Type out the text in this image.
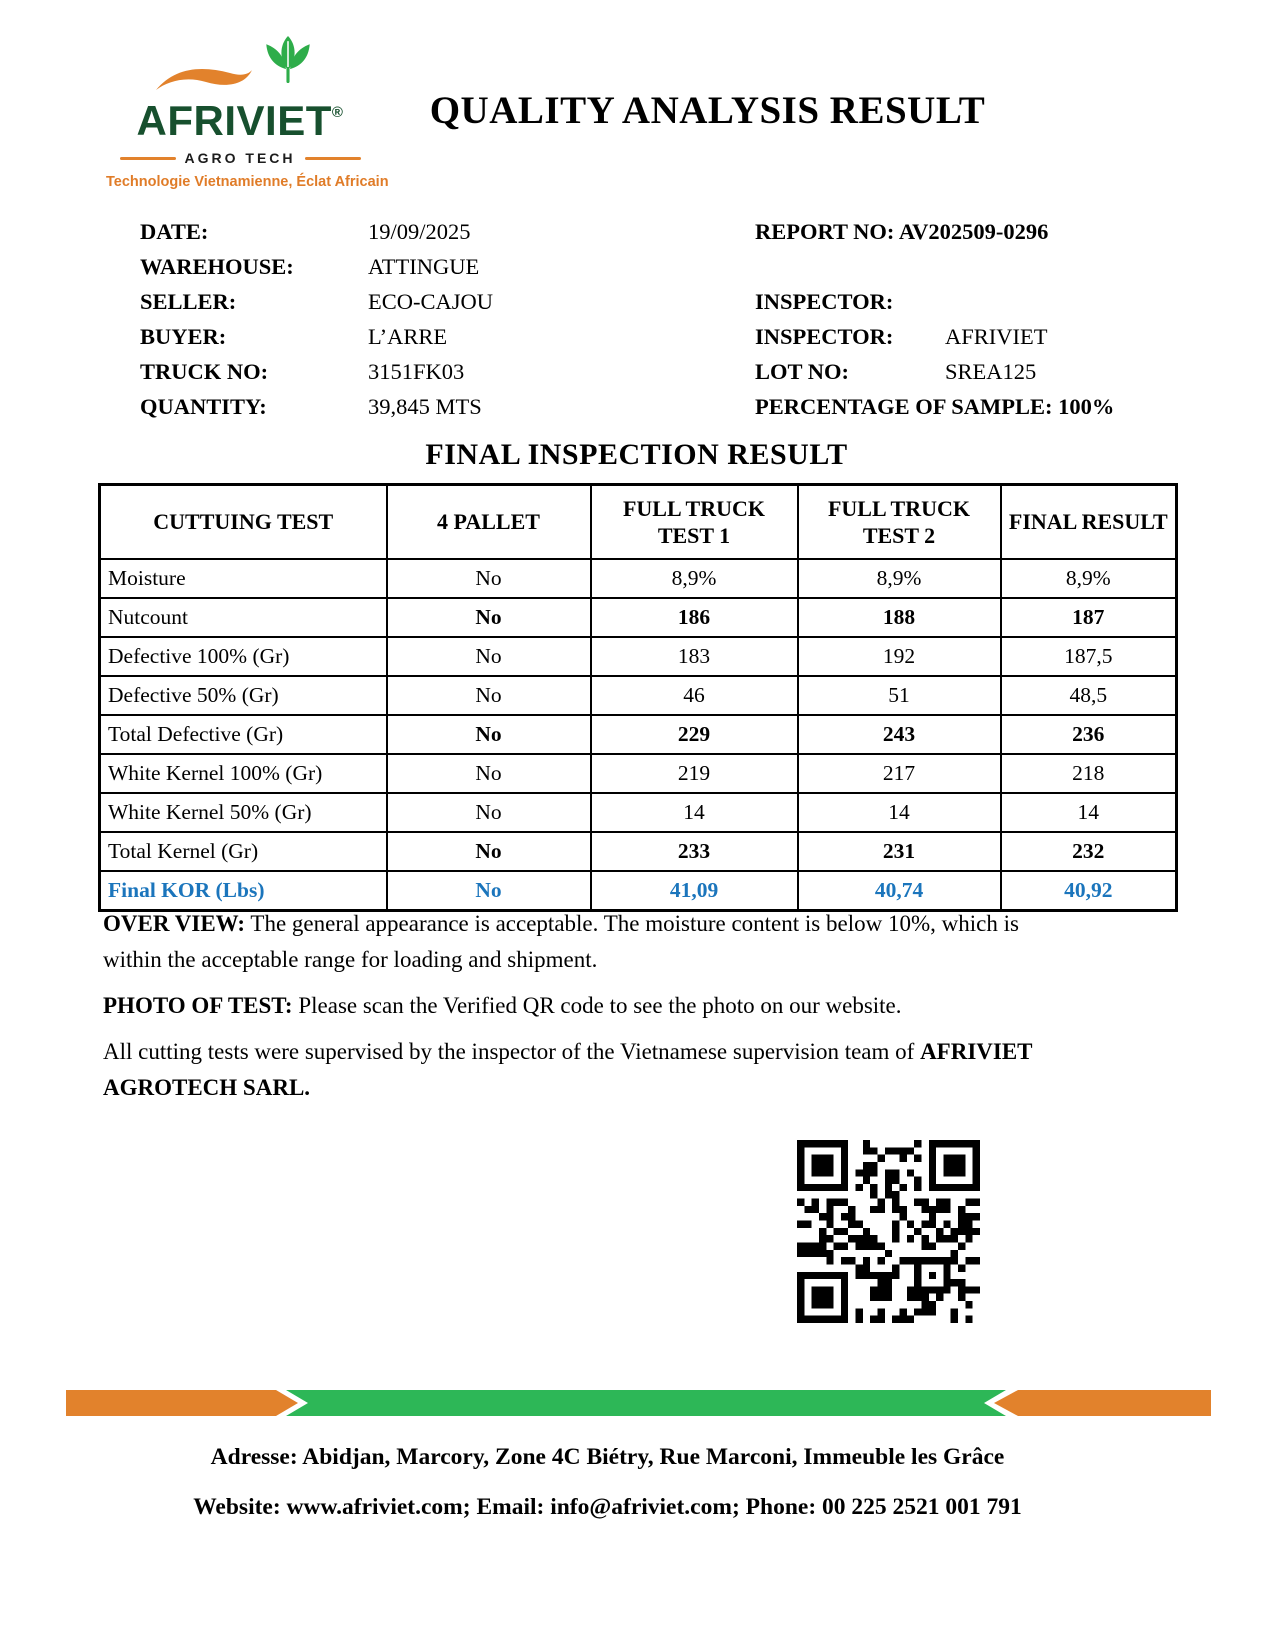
AFRIVIET®
AGRO TECH
Technologie Vietnamienne, Éclat Africain
QUALITY ANALYSIS RESULT
DATE:	19/09/2025
WAREHOUSE:	ATTINGUE
SELLER:	ECO-CAJOU
BUYER:	L’ARRE
TRUCK NO:	3151FK03
QUANTITY:	39,845 MTS
REPORT NO: AV202509-0296
INSPECTOR:
INSPECTOR:AFRIVIET
LOT NO:	SREA125
PERCENTAGE OF SAMPLE: 100%
FINAL INSPECTION RESULT
CUTTUING TEST	4 PALLET	FULL TRUCK TEST 1	FULL TRUCK TEST 2	FINAL RESULT
Moisture	No	8,9%	8,9%	8,9%
Nutcount	No	186	188	187
Defective 100% (Gr)	No	183	192	187,5
Defective 50% (Gr)	No	46	51	48,5
Total Defective (Gr)	No	229	243	236
White Kernel 100% (Gr)	No	219	217	218
White Kernel 50% (Gr)	No	14	14	14
Total Kernel (Gr)	No	233	231	232
Final KOR (Lbs)	No	41,09	40,74	40,92

OVER VIEW: The general appearance is acceptable. The moisture content is below 10%, which is within the acceptable range for loading and shipment.

PHOTO OF TEST: Please scan the Verified QR code to see the photo on our website.

All cutting tests were supervised by the inspector of the Vietnamese supervision team of AFRIVIET AGROTECH SARL.

Adresse: Abidjan, Marcory, Zone 4C Biétry, Rue Marconi, Immeuble les Grâce
Website: www.afriviet.com; Email: info@afriviet.com; Phone: 00 225 2521 001 791
